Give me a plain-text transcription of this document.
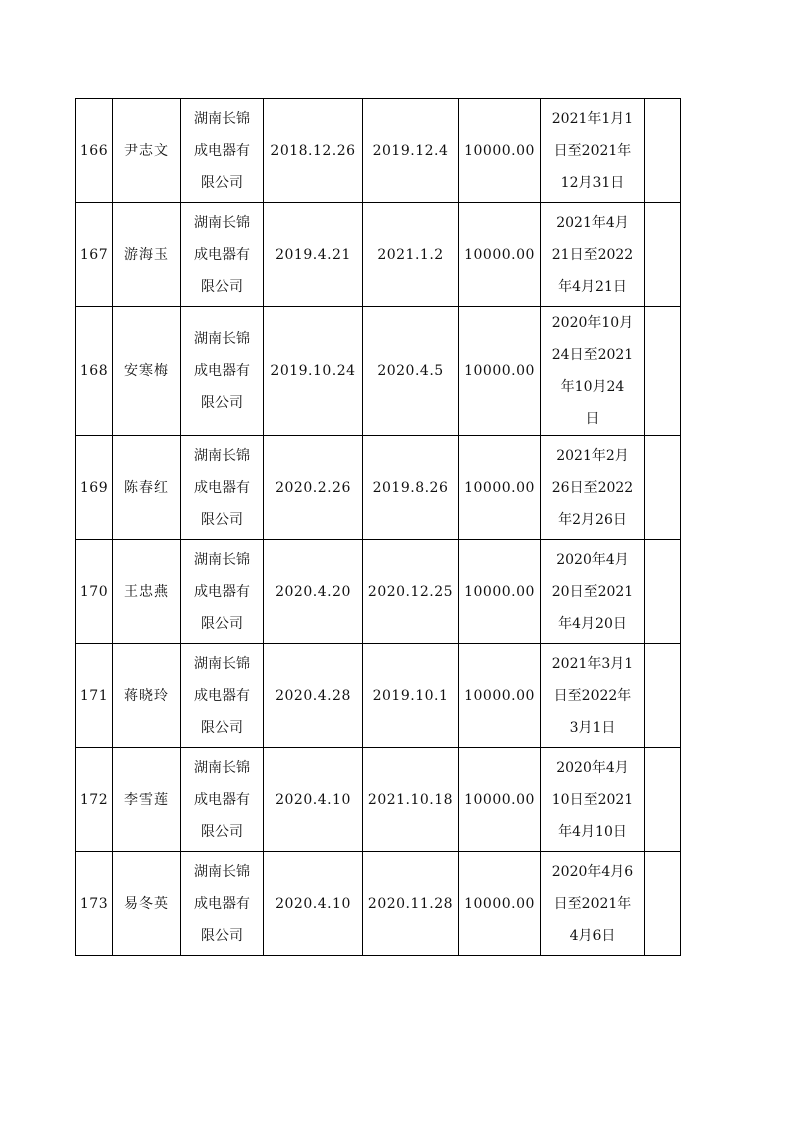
166	尹志文	湖南长锦
成电器有
限公司	2018.12.26	2019.12.4	10000.00	2021年1月1
日至2021年
12月31日	
167	游海玉	湖南长锦
成电器有
限公司	2019.4.21	2021.1.2	10000.00	2021年4月
21日至2022
年4月21日	
168	安寒梅	湖南长锦
成电器有
限公司	2019.10.24	2020.4.5	10000.00	2020年10月
24日至2021
年10月24
日	
169	陈春红	湖南长锦
成电器有
限公司	2020.2.26	2019.8.26	10000.00	2021年2月
26日至2022
年2月26日	
170	王忠燕	湖南长锦
成电器有
限公司	2020.4.20	2020.12.25	10000.00	2020年4月
20日至2021
年4月20日	
171	蒋晓玲	湖南长锦
成电器有
限公司	2020.4.28	2019.10.1	10000.00	2021年3月1
日至2022年
3月1日	
172	李雪莲	湖南长锦
成电器有
限公司	2020.4.10	2021.10.18	10000.00	2020年4月
10日至2021
年4月10日	
173	易冬英	湖南长锦
成电器有
限公司	2020.4.10	2020.11.28	10000.00	2020年4月6
日至2021年
4月6日	
